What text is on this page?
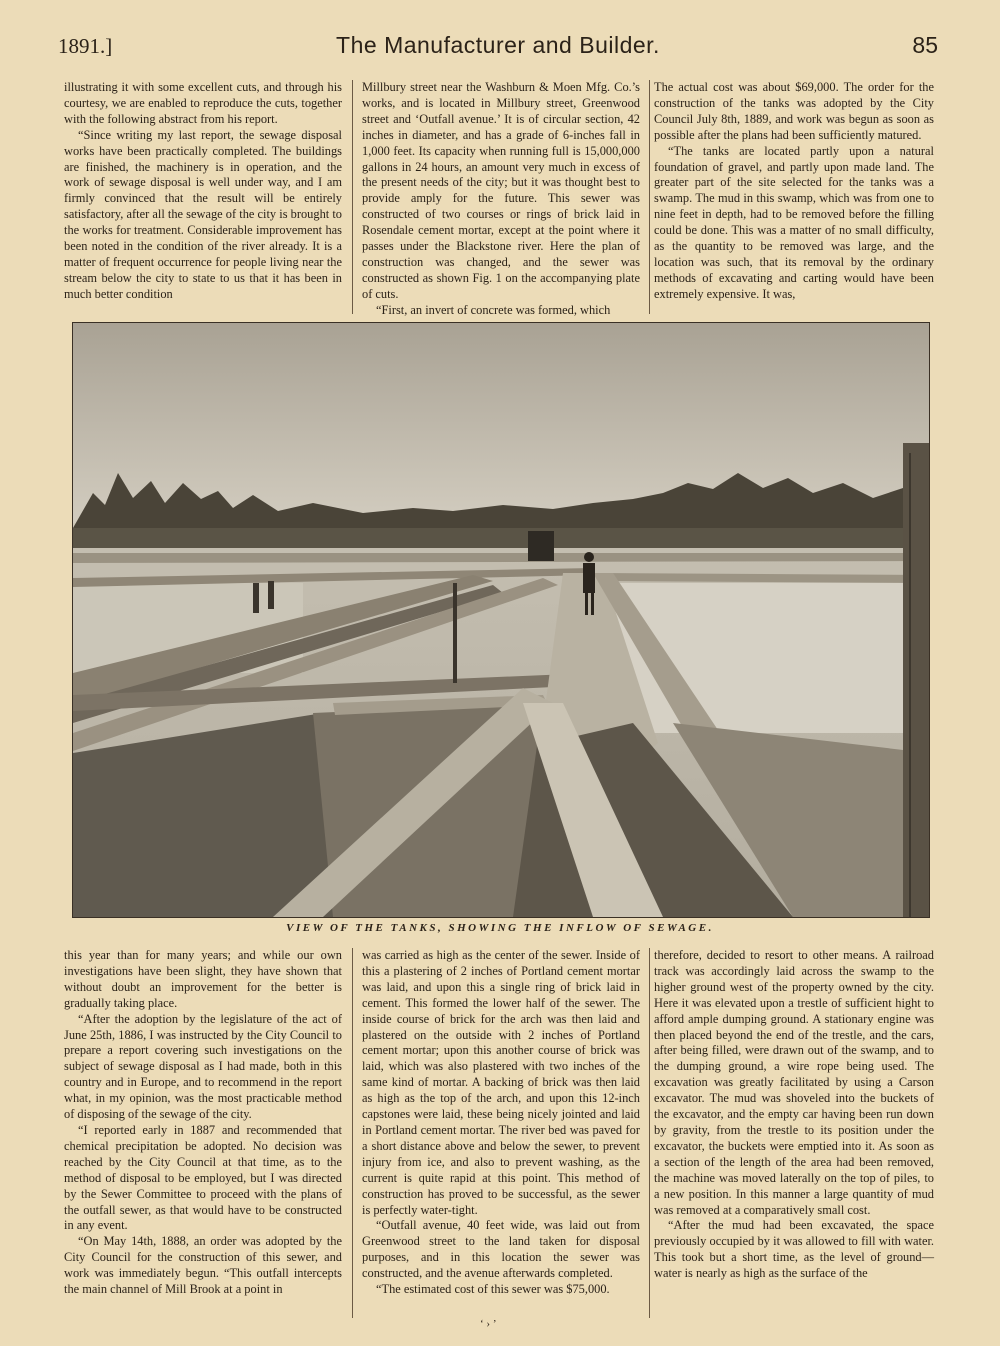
1891.]	The Manufacturer and Builder.	85

illustrating it with some excellent cuts, and through his courtesy, we are enabled to reproduce the cuts, together with the following abstract from his report.

“Since writing my last report, the sewage disposal works have been practically completed. The buildings are finished, the machinery is in operation, and the work of sewage disposal is well under way, and I am firmly convinced that the result will be entirely satisfactory, after all the sewage of the city is brought to the works for treatment. Considerable improvement has been noted in the condition of the river already. It is a matter of frequent occurrence for people living near the stream below the city to state to us that it has been in much better condition

Millbury street near the Washburn & Moen Mfg. Co.’s works, and is located in Millbury street, Greenwood street and ‘Outfall avenue.’ It is of circular section, 42 inches in diameter, and has a grade of 6-inches fall in 1,000 feet. Its capacity when running full is 15,000,000 gallons in 24 hours, an amount very much in excess of the present needs of the city; but it was thought best to provide amply for the future. This sewer was constructed of two courses or rings of brick laid in Rosendale cement mortar, except at the point where it passes under the Blackstone river. Here the plan of construction was changed, and the sewer was constructed as shown Fig. 1 on the accompanying plate of cuts.

“First, an invert of concrete was formed, which

The actual cost was about $69,000. The order for the construction of the tanks was adopted by the City Council July 8th, 1889, and work was begun as soon as possible after the plans had been sufficiently matured.

“The tanks are located partly upon a natural foundation of gravel, and partly upon made land. The greater part of the site selected for the tanks was a swamp. The mud in this swamp, which was from one to nine feet in depth, had to be removed before the filling could be done. This was a matter of no small difficulty, as the quantity to be removed was large, and the location was such, that its removal by the ordinary methods of excavating and carting would have been extremely expensive. It was,

VIEW OF THE TANKS, SHOWING THE INFLOW OF SEWAGE.

this year than for many years; and while our own investigations have been slight, they have shown that without doubt an improvement for the better is gradually taking place.

“After the adoption by the legislature of the act of June 25th, 1886, I was instructed by the City Council to prepare a report covering such investigations on the subject of sewage disposal as I had made, both in this country and in Europe, and to recommend in the report what, in my opinion, was the most practicable method of disposing of the sewage of the city.

“I reported early in 1887 and recommended that chemical precipitation be adopted. No decision was reached by the City Council at that time, as to the method of disposal to be employed, but I was directed by the Sewer Committee to proceed with the plans of the outfall sewer, as that would have to be constructed in any event.

“On May 14th, 1888, an order was adopted by the City Council for the construction of this sewer, and work was immediately begun. “This outfall intercepts the main channel of Mill Brook at a point in

was carried as high as the center of the sewer. Inside of this a plastering of 2 inches of Portland cement mortar was laid, and upon this a single ring of brick laid in cement. This formed the lower half of the sewer. The inside course of brick for the arch was then laid and plastered on the outside with 2 inches of Portland cement mortar; upon this another course of brick was laid, which was also plastered with two inches of the same kind of mortar. A backing of brick was then laid as high as the top of the arch, and upon this 12-inch capstones were laid, these being nicely jointed and laid in Portland cement mortar. The river bed was paved for a short distance above and below the sewer, to prevent injury from ice, and also to prevent washing, as the current is quite rapid at this point. This method of construction has proved to be successful, as the sewer is perfectly water-tight.

“Outfall avenue, 40 feet wide, was laid out from Greenwood street to the land taken for disposal purposes, and in this location the sewer was constructed, and the avenue afterwards completed.

“The estimated cost of this sewer was $75,000.

therefore, decided to resort to other means. A railroad track was accordingly laid across the swamp to the higher ground west of the property owned by the city. Here it was elevated upon a trestle of sufficient hight to afford ample dumping ground. A stationary engine was then placed beyond the end of the trestle, and the cars, after being filled, were drawn out of the swamp, and to the dumping ground, a wire rope being used. The excavation was greatly facilitated by using a Carson excavator. The mud was shoveled into the buckets of the excavator, and the empty car having been run down by gravity, from the trestle to its position under the excavator, the buckets were emptied into it. As soon as a section of the length of the area had been removed, the machine was moved laterally on the top of piles, to a new position. In this manner a large quantity of mud was removed at a comparatively small cost.

“After the mud had been excavated, the space previously occupied by it was allowed to fill with water. This took but a short time, as the level of ground—water is nearly as high as the surface of the

‘ › ’
